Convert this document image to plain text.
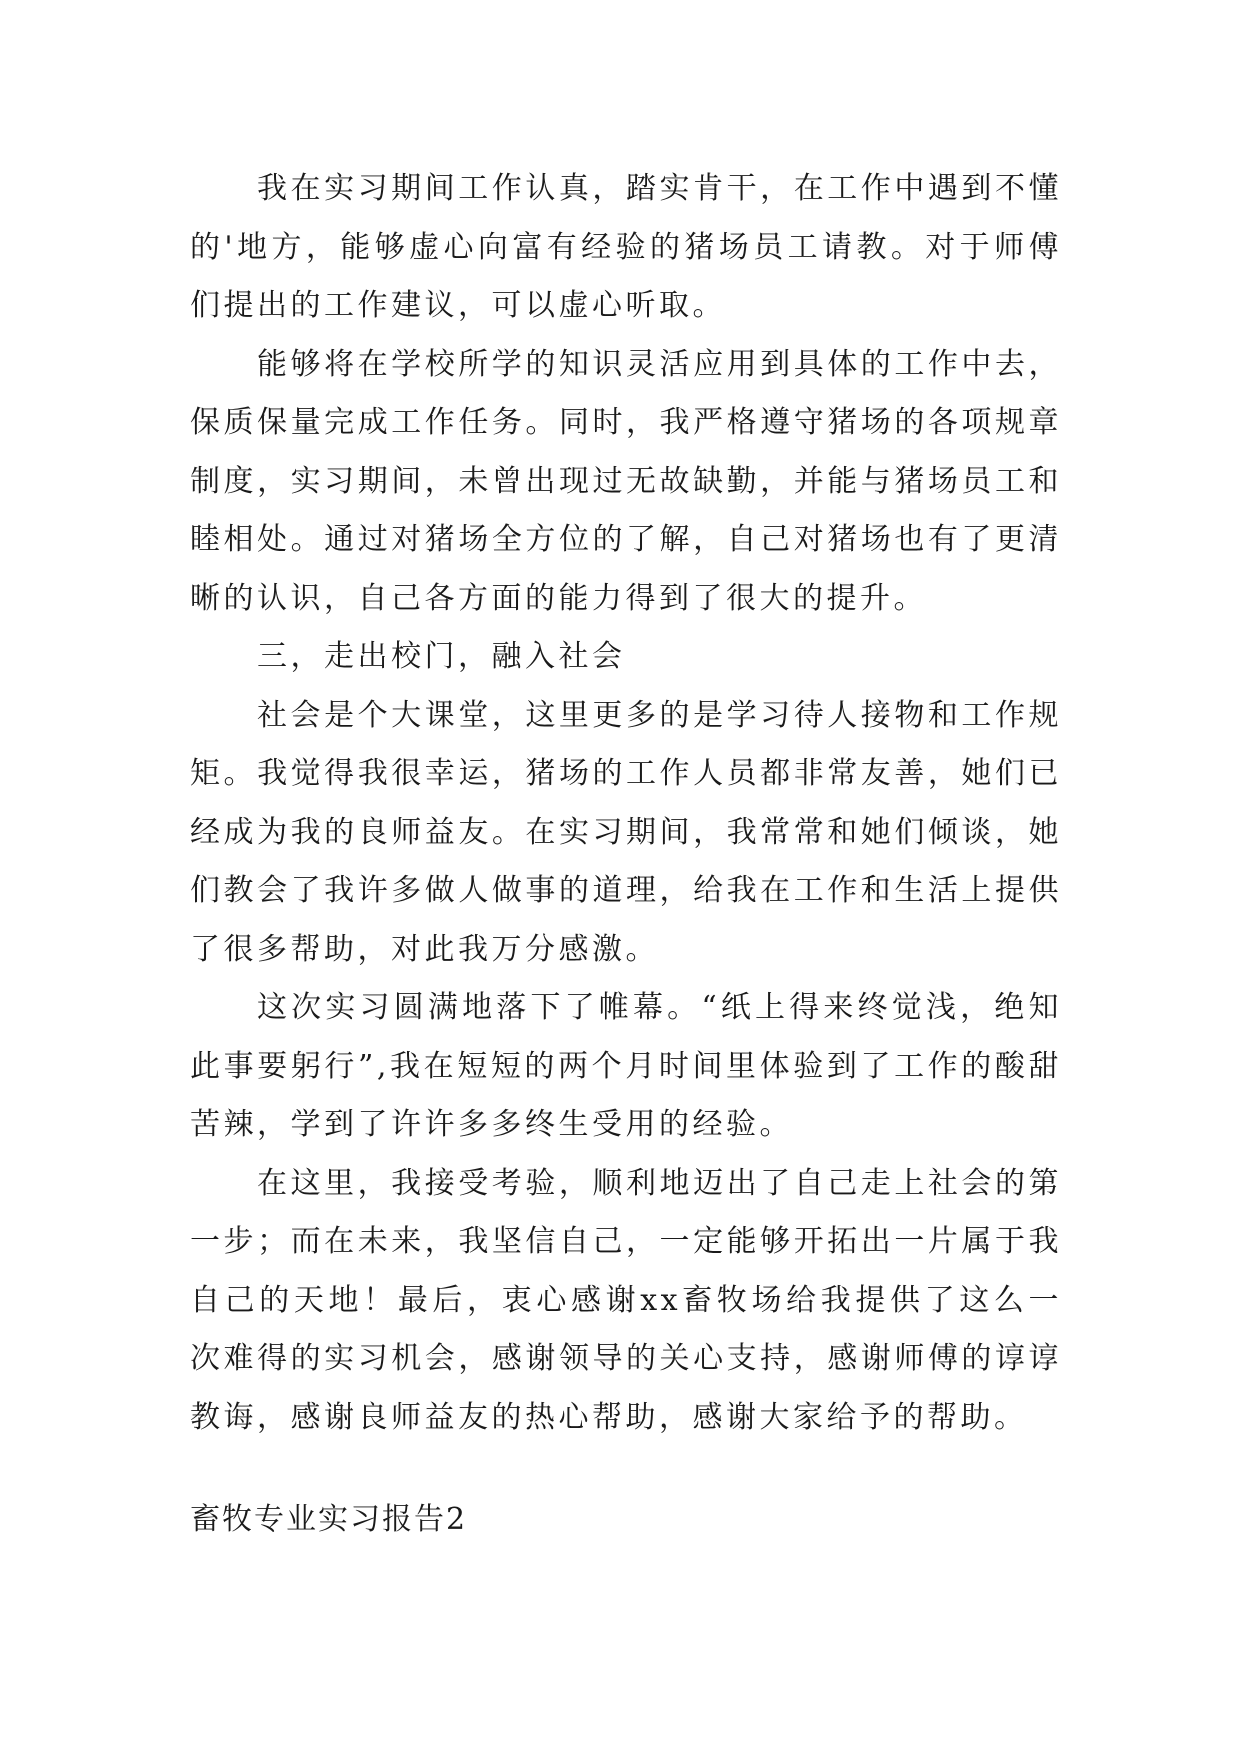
我在实习期间工作认真，踏实肯干，在工作中遇到不懂的'地方，能够虚心向富有经验的猪场员工请教。对于师傅们提出的工作建议，可以虚心听取。

能够将在学校所学的知识灵活应用到具体的工作中去，保质保量完成工作任务。同时，我严格遵守猪场的各项规章制度，实习期间，未曾出现过无故缺勤，并能与猪场员工和睦相处。通过对猪场全方位的了解，自己对猪场也有了更清晰的认识，自己各方面的能力得到了很大的提升。

三，走出校门，融入社会

社会是个大课堂，这里更多的是学习待人接物和工作规矩。我觉得我很幸运，猪场的工作人员都非常友善，她们已经成为我的良师益友。在实习期间，我常常和她们倾谈，她们教会了我许多做人做事的道理，给我在工作和生活上提供了很多帮助，对此我万分感激。

这次实习圆满地落下了帷幕。“纸上得来终觉浅，绝知此事要躬行”,我在短短的两个月时间里体验到了工作的酸甜苦辣，学到了许许多多终生受用的经验。

在这里，我接受考验，顺利地迈出了自己走上社会的第一步；而在未来，我坚信自己，一定能够开拓出一片属于我自己的天地！最后，衷心感谢xx畜牧场给我提供了这么一次难得的实习机会，感谢领导的关心支持，感谢师傅的谆谆教诲，感谢良师益友的热心帮助，感谢大家给予的帮助。

畜牧专业实习报告2
